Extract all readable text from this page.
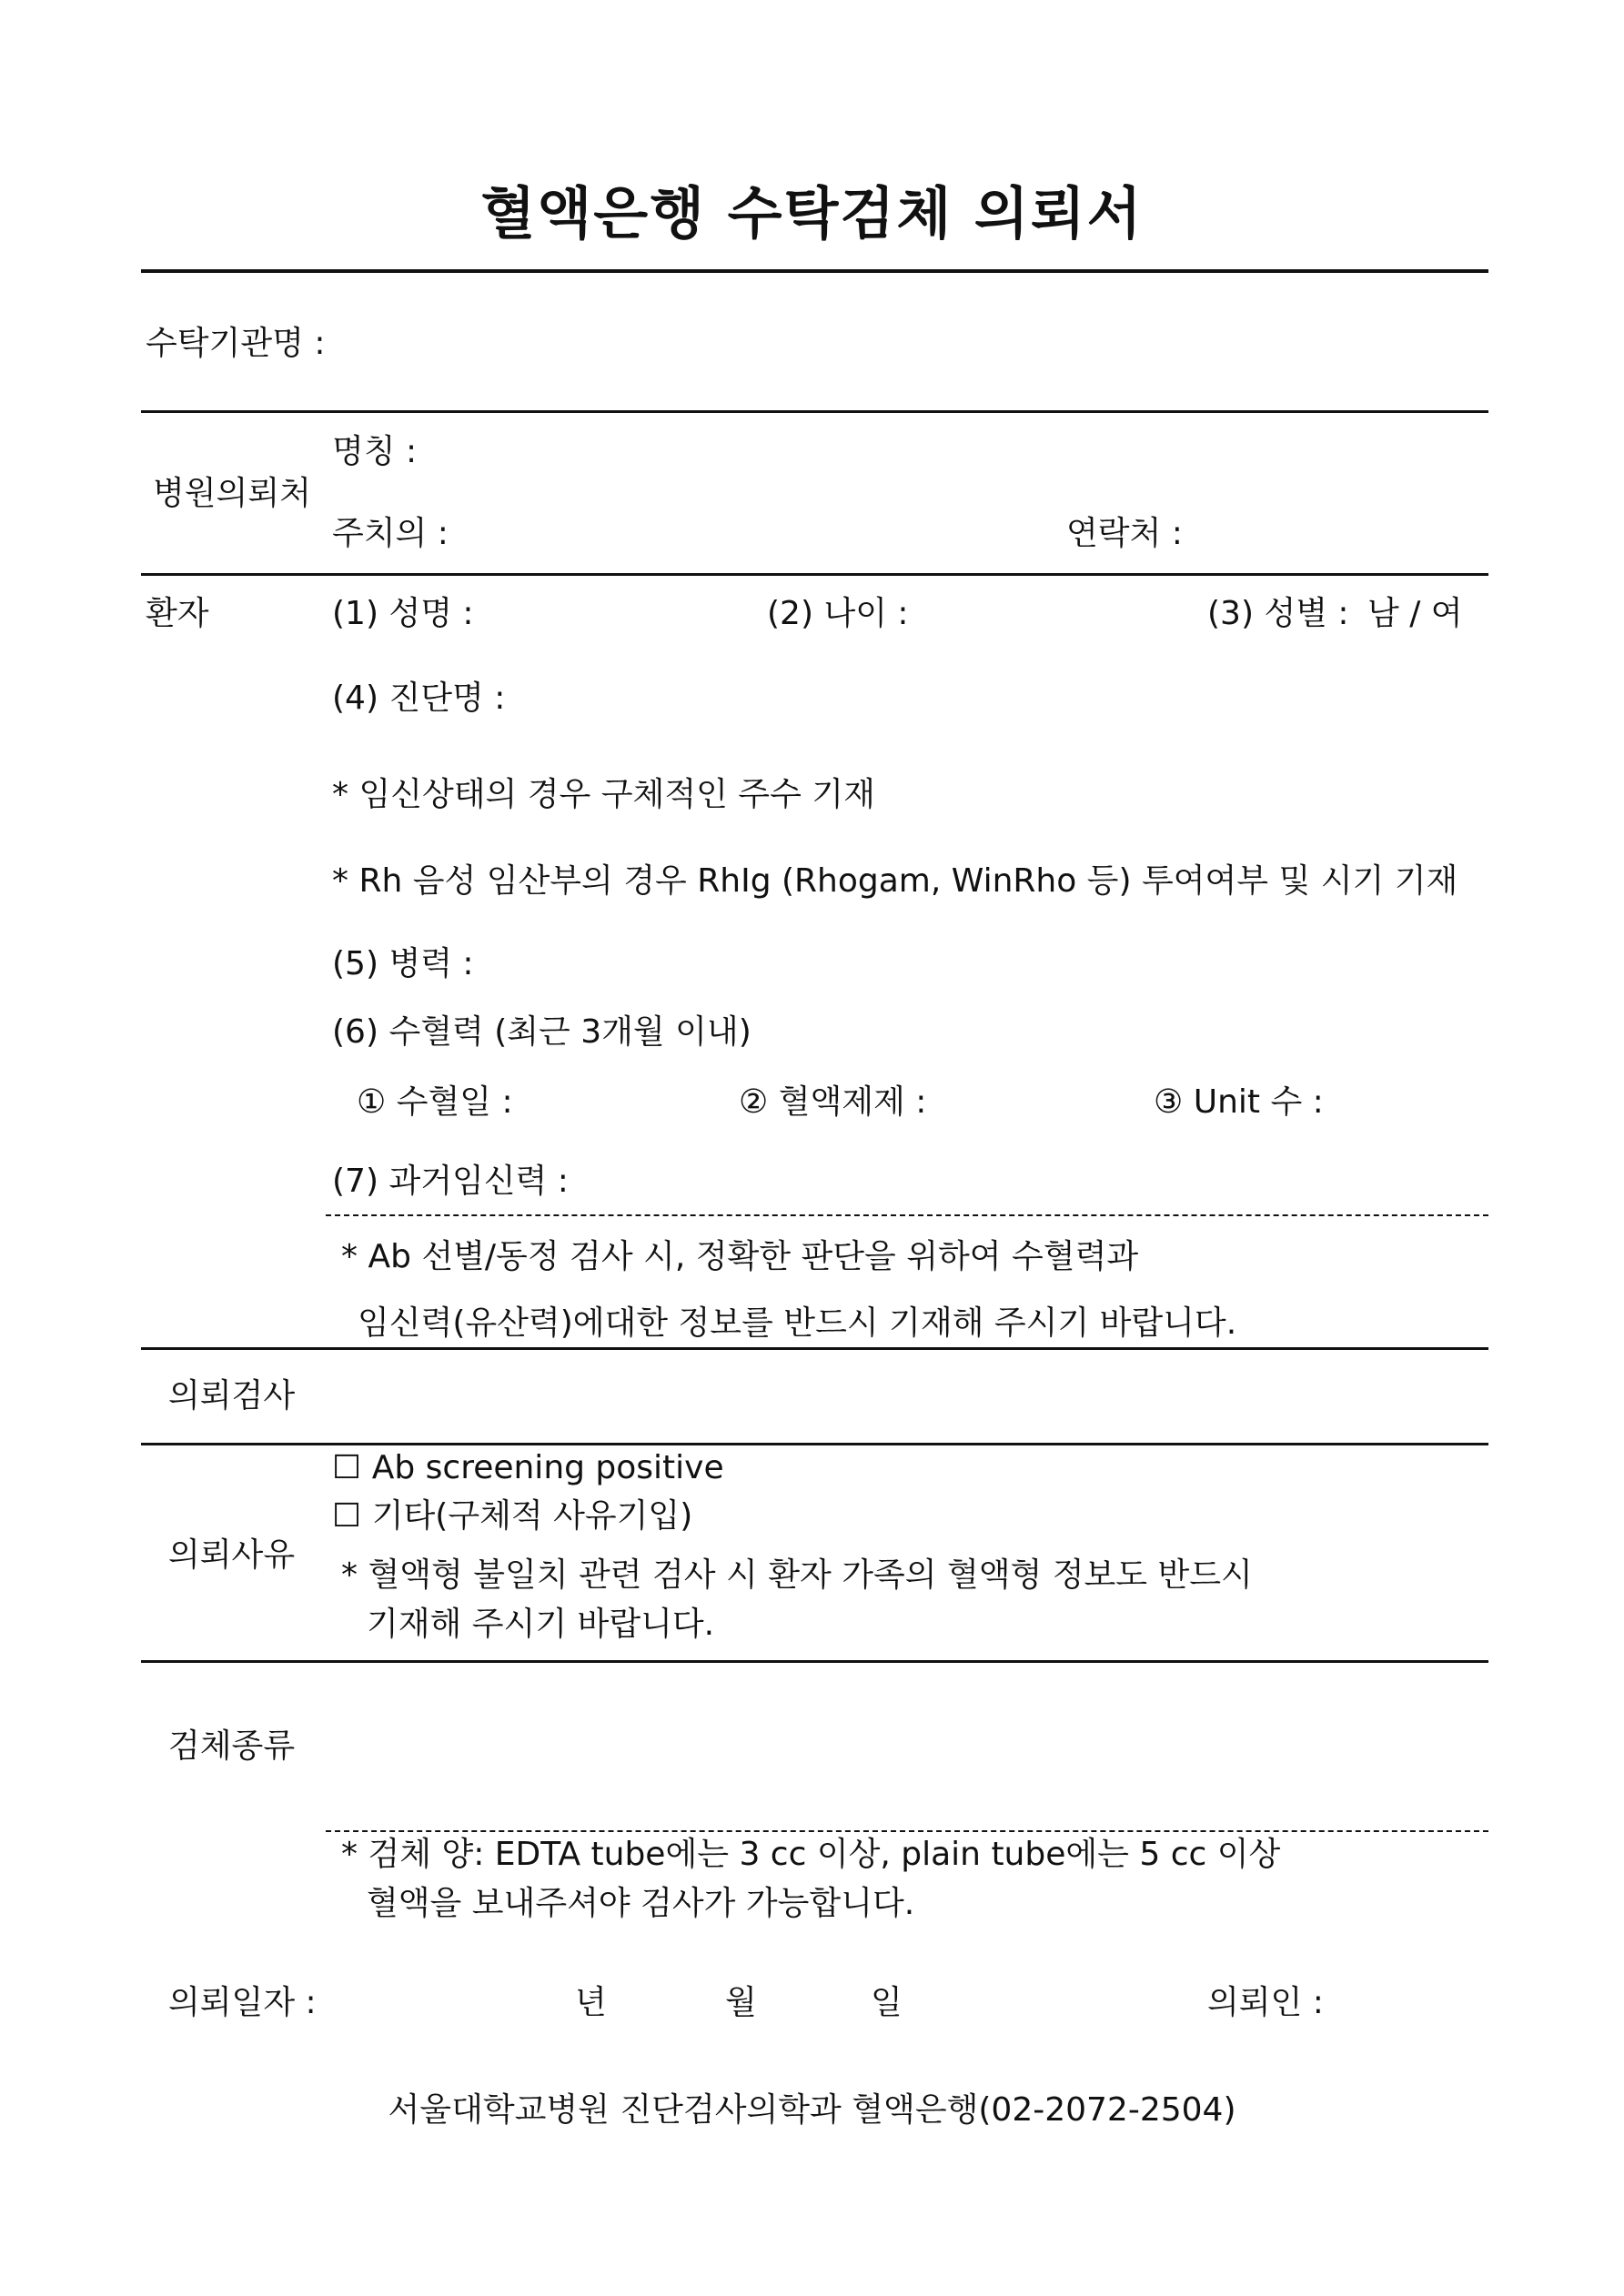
혈액은행 수탁검체 의뢰서
수탁기관명 :
병원의뢰처
명칭 :
주치의 :	연락처 :
환자	(1) 성명 :	(2) 나이 :	(3) 성별 : 남 / 여
(4) 진단명 :
* 임신상태의 경우 구체적인 주수 기재
* Rh 음성 임산부의 경우 RhIg (Rhogam, WinRho 등) 투여여부 및 시기 기재
(5) 병력 :
(6) 수혈력 (최근 3개월 이내)
① 수혈일 :	② 혈액제제 :	③ Unit 수 :
(7) 과거임신력 :
* Ab 선별/동정 검사 시, 정확한 판단을 위하여 수혈력과
임신력(유산력)에대한 정보를 반드시 기재해 주시기 바랍니다.
의뢰검사
의뢰사유
☐ Ab screening positive
☐ 기타(구체적 사유기입)
* 혈액형 불일치 관련 검사 시 환자 가족의 혈액형 정보도 반드시
기재해 주시기 바랍니다.
검체종류
* 검체 양: EDTA tube에는 3 cc 이상, plain tube에는 5 cc 이상
혈액을 보내주셔야 검사가 가능합니다.
의뢰일자 :	년	월	일	의뢰인 :
서울대학교병원 진단검사의학과 혈액은행(02-2072-2504)
